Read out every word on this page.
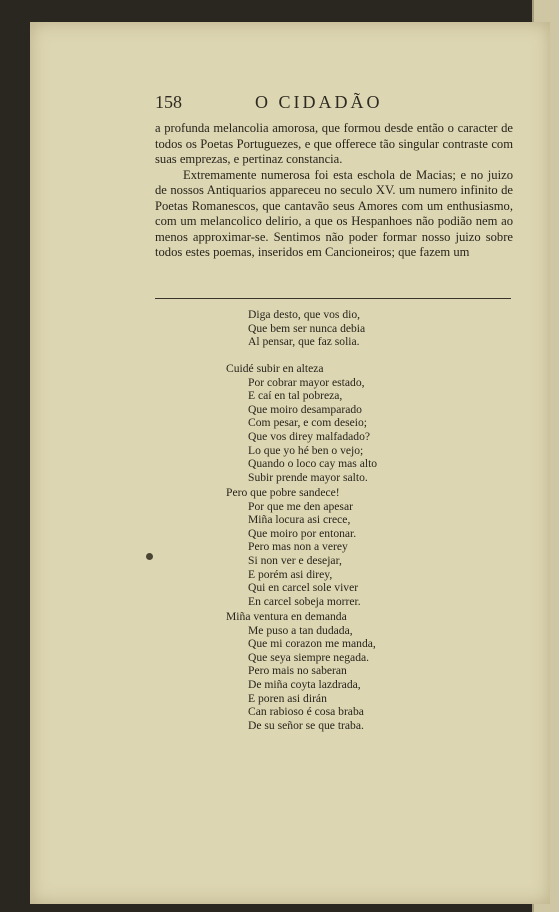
158	O CIDADÃO

a profunda melancolia amorosa, que formou desde então o caracter de todos os Poetas Portuguezes, e que offerece tão singular contraste com suas emprezas, e pertinaz constancia.

Extremamente numerosa foi esta eschola de Macias; e no juizo de nossos Antiquarios appareceu no seculo XV. um numero infinito de Poetas Romanescos, que cantavão seus Amores com um enthusiasmo, com um melancolico delirio, a que os Hespanhoes não podião nem ao menos approximar-se. Sentimos não poder formar nosso juizo sobre todos estes poemas, inseridos em Cancioneiros; que fazem um

Diga desto, que vos dio,
Que bem ser nunca debia
Al pensar, que faz solia.
Cuidé subir en alteza
Por cobrar mayor estado,
E caí en tal pobreza,
Que moiro desamparado
Com pesar, e com deseio;
Que vos direy malfadado?
Lo que yo hé ben o vejo;
Quando o loco cay mas alto
Subir prende mayor salto.
Pero que pobre sandece!
Por que me den apesar
Miña locura asi crece,
Que moiro por entonar.
Pero mas non a verey
Si non ver e desejar,
E porém asi direy,
Qui en carcel sole viver
En carcel sobeja morrer.
Miña ventura en demanda
Me puso a tan dudada,
Que mi corazon me manda,
Que seya siempre negada.
Pero mais no saberan
De miña coyta lazdrada,
E poren asi dirán
Can rabioso é cosa braba
De su señor se que traba.
